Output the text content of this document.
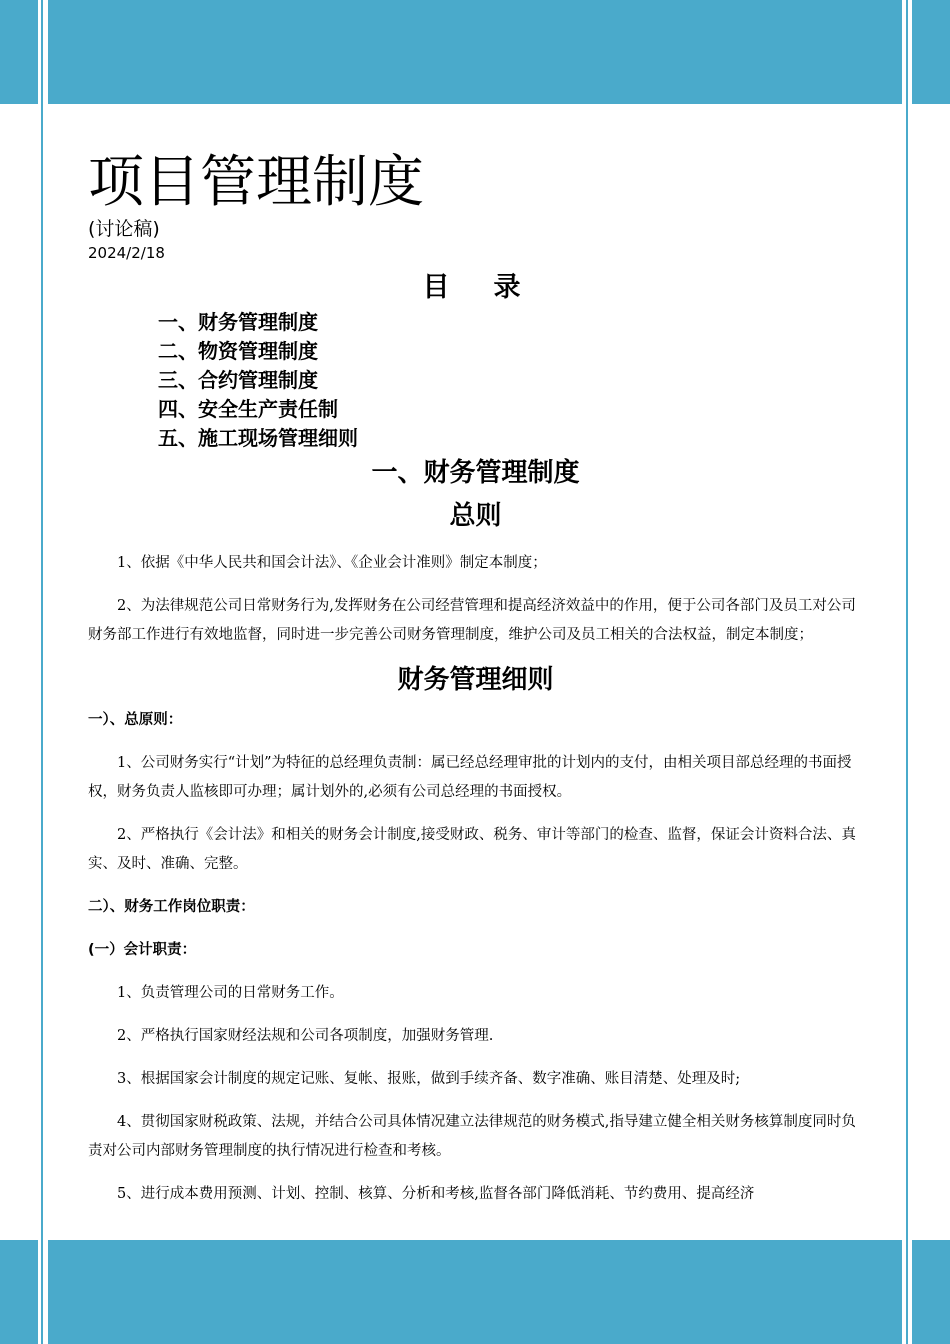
项目管理制度
(讨论稿)
2024/2/18
目 录
一、财务管理制度
二、物资管理制度
三、合约管理制度
四、安全生产责任制
五、施工现场管理细则
一、财务管理制度
总则

1、依据《中华人民共和国会计法》、《企业会计准则》制定本制度；

2、为法律规范公司日常财务行为,发挥财务在公司经营管理和提高经济效益中的作用，便于公司各部门及员工对公司财务部工作进行有效地监督，同时进一步完善公司财务管理制度，维护公司及员工相关的合法权益，制定本制度；

财务管理细则

一）、总原则：

1、公司财务实行“计划”为特征的总经理负责制：属已经总经理审批的计划内的支付，由相关项目部总经理的书面授权，财务负责人监核即可办理；属计划外的,必须有公司总经理的书面授权。

2、严格执行《会计法》和相关的财务会计制度,接受财政、税务、审计等部门的检查、监督，保证会计资料合法、真实、及时、准确、完整。

二）、财务工作岗位职责：

(一）会计职责：

1、负责管理公司的日常财务工作。

2、严格执行国家财经法规和公司各项制度，加强财务管理.

3、根据国家会计制度的规定记账、复帐、报账，做到手续齐备、数字准确、账目清楚、处理及时;

4、贯彻国家财税政策、法规，并结合公司具体情况建立法律规范的财务模式,指导建立健全相关财务核算制度同时负责对公司内部财务管理制度的执行情况进行检查和考核。

5、进行成本费用预测、计划、控制、核算、分析和考核,监督各部门降低消耗、节约费用、提高经济
